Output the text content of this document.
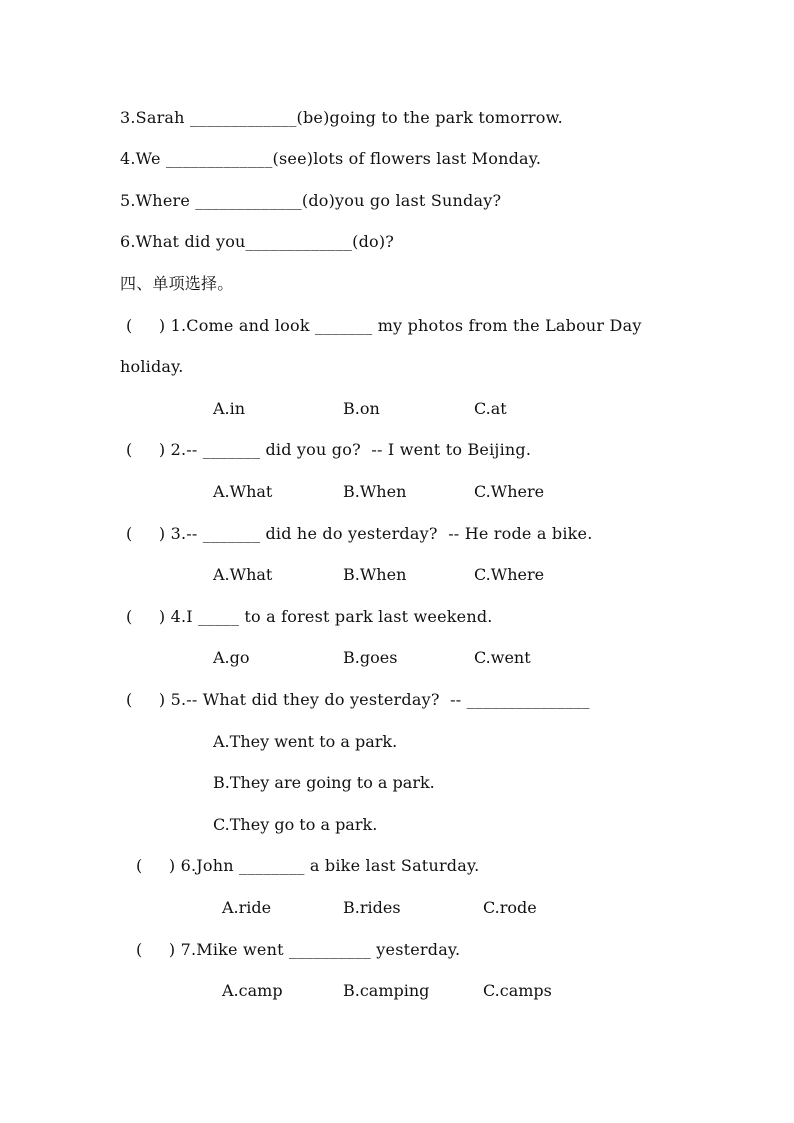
3.Sarah _____________(be)going to the park tomorrow.
4.We _____________(see)lots of flowers last Monday.
5.Where _____________(do)you go last Sunday?
6.What did you_____________(do)?
四、单项选择。
(     ) 1.Come and look _______ my photos from the Labour Day
holiday.
A.in	B.on	C.at
(     ) 2.-- _______ did you go?  -- I went to Beijing.
A.What	B.When	C.Where
(     ) 3.-- _______ did he do yesterday?  -- He rode a bike.
A.What	B.When	C.Where
(     ) 4.I _____ to a forest park last weekend.
A.go	B.goes	C.went
(     ) 5.-- What did they do yesterday?  -- _______________
A.They went to a park.
B.They are going to a park.
C.They go to a park.
(     ) 6.John ________ a bike last Saturday.
A.ride	B.rides	C.rode
(     ) 7.Mike went __________ yesterday.
A.camp	B.camping	C.camps
